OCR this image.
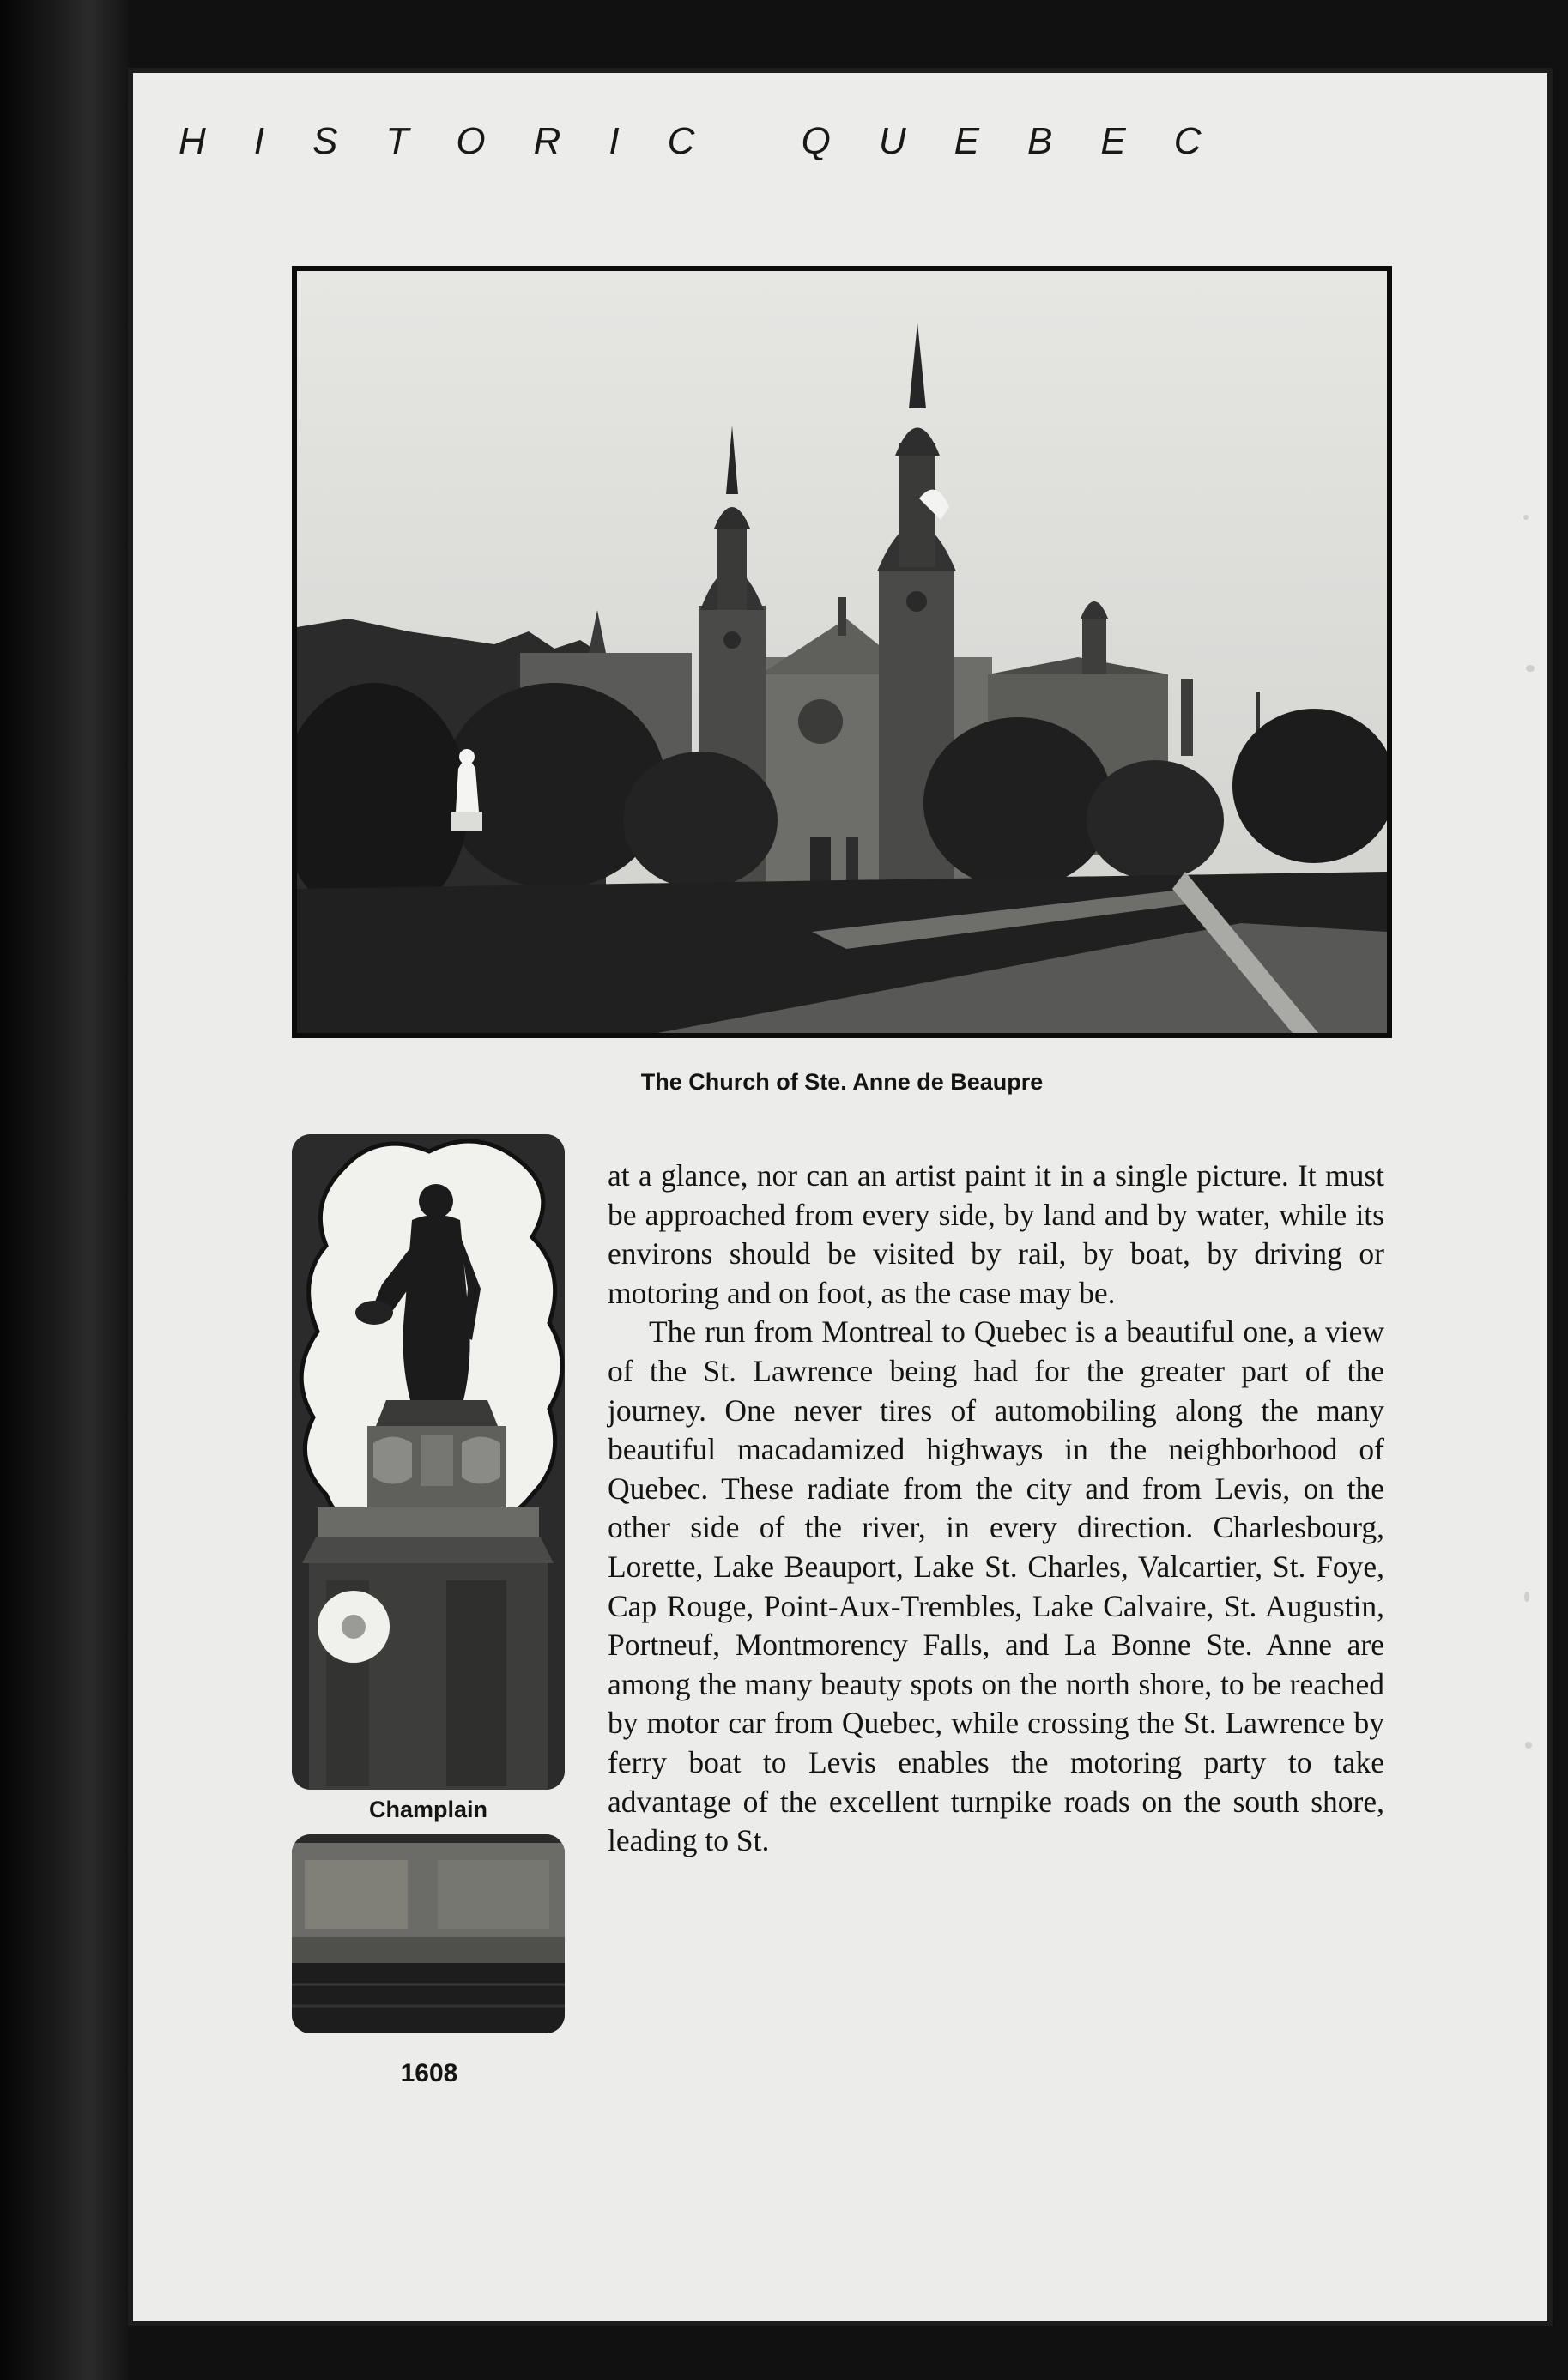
HISTORIC QUEBEC
The Church of Ste. Anne de Beaupre
Champlain
1608

at a glance, nor can an artist paint it in a single picture. It must be approached from every side, by land and by water, while its environs should be visited by rail, by boat, by driving or motoring and on foot, as the case may be.

The run from Montreal to Quebec is a beautiful one, a view of the St. Lawrence being had for the greater part of the journey. One never tires of automobiling along the many beautiful macadamized highways in the neighborhood of Quebec. These radiate from the city and from Levis, on the other side of the river, in every direction. Charlesbourg, Lorette, Lake Beauport, Lake St. Charles, Valcartier, St. Foye, Cap Rouge, Point-Aux-Trembles, Lake Calvaire, St. Augustin, Portneuf, Montmorency Falls, and La Bonne Ste. Anne are among the many beauty spots on the north shore, to be reached by motor car from Quebec, while crossing the St. Lawrence by ferry boat to Levis enables the motoring party to take advantage of the excellent turnpike roads on the south shore, leading to St.
